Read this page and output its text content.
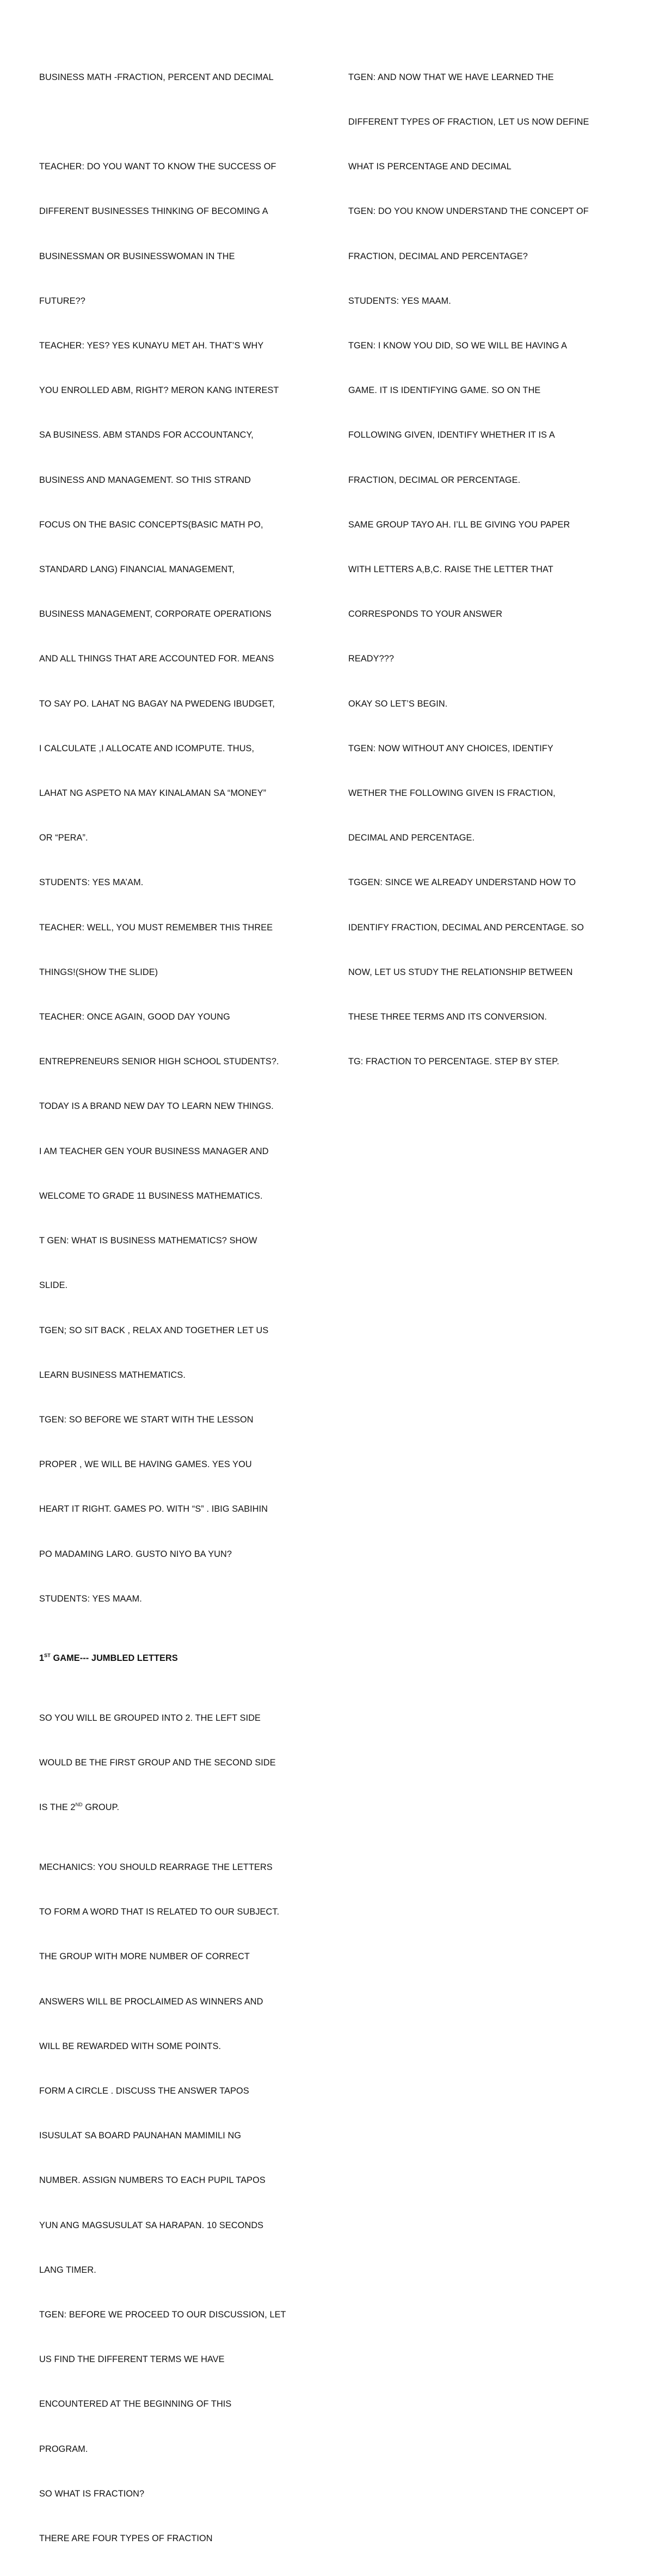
BUSINESS MATH -FRACTION, PERCENT AND DECIMAL

TEACHER: DO YOU WANT TO KNOW THE SUCCESS OF

DIFFERENT BUSINESSES THINKING OF BECOMING A

BUSINESSMAN OR BUSINESSWOMAN IN THE

FUTURE??

TEACHER: YES? YES KUNAYU MET AH. THAT’S WHY

YOU ENROLLED ABM, RIGHT? MERON KANG INTEREST

SA BUSINESS. ABM STANDS FOR ACCOUNTANCY,

BUSINESS AND MANAGEMENT. SO THIS STRAND

FOCUS ON THE BASIC CONCEPTS(BASIC MATH PO,

STANDARD LANG) FINANCIAL MANAGEMENT,

BUSINESS MANAGEMENT, CORPORATE OPERATIONS

AND ALL THINGS THAT ARE ACCOUNTED FOR. MEANS

TO SAY PO. LAHAT NG BAGAY NA PWEDENG IBUDGET,

I CALCULATE ,I ALLOCATE AND ICOMPUTE. THUS,

LAHAT NG ASPETO NA MAY KINALAMAN SA “MONEY”

OR “PERA”.

STUDENTS: YES MA’AM.

TEACHER: WELL, YOU MUST REMEMBER THIS THREE

THINGS!(SHOW THE SLIDE)

TEACHER: ONCE AGAIN, GOOD DAY YOUNG

ENTREPRENEURS SENIOR HIGH SCHOOL STUDENTS?.

TODAY IS A BRAND NEW DAY TO LEARN NEW THINGS.

I AM TEACHER GEN YOUR BUSINESS MANAGER AND

WELCOME TO GRADE 11 BUSINESS MATHEMATICS.

T GEN: WHAT IS BUSINESS MATHEMATICS? SHOW

SLIDE.

TGEN; SO SIT BACK , RELAX AND TOGETHER LET US

LEARN BUSINESS MATHEMATICS.

TGEN: SO BEFORE WE START WITH THE LESSON

PROPER , WE WILL BE HAVING GAMES. YES YOU

HEART IT RIGHT. GAMES PO. WITH “S” . IBIG SABIHIN

PO MADAMING LARO. GUSTO NIYO BA YUN?

STUDENTS: YES MAAM.

1ST GAME--- JUMBLED LETTERS

SO YOU WILL BE GROUPED INTO 2. THE LEFT SIDE

WOULD BE THE FIRST GROUP AND THE SECOND SIDE

IS THE 2ND GROUP.

MECHANICS: YOU SHOULD REARRAGE THE LETTERS

TO FORM A WORD THAT IS RELATED TO OUR SUBJECT.

THE GROUP WITH MORE NUMBER OF CORRECT

ANSWERS WILL BE PROCLAIMED AS WINNERS AND

WILL BE REWARDED WITH SOME POINTS.

FORM A CIRCLE . DISCUSS THE ANSWER TAPOS

ISUSULAT SA BOARD PAUNAHAN MAMIMILI NG

NUMBER. ASSIGN NUMBERS TO EACH PUPIL TAPOS

YUN ANG MAGSUSULAT SA HARAPAN. 10 SECONDS

LANG TIMER.

TGEN: BEFORE WE PROCEED TO OUR DISCUSSION, LET

US FIND THE DIFFERENT TERMS WE HAVE

ENCOUNTERED AT THE BEGINNING OF THIS

PROGRAM.

SO WHAT IS FRACTION?

THERE ARE FOUR TYPES OF FRACTION

TGEN: AND NOW THAT WE HAVE LEARNED THE

DIFFERENT TYPES OF FRACTION, LET US NOW DEFINE

WHAT IS PERCENTAGE AND DECIMAL

TGEN: DO YOU KNOW UNDERSTAND THE CONCEPT OF

FRACTION, DECIMAL AND PERCENTAGE?

STUDENTS: YES MAAM.

TGEN: I KNOW YOU DID, SO WE WILL BE HAVING A

GAME. IT IS IDENTIFYING GAME. SO ON THE

FOLLOWING GIVEN, IDENTIFY WHETHER IT IS A

FRACTION, DECIMAL OR PERCENTAGE.

SAME GROUP TAYO AH. I’LL BE GIVING YOU PAPER

WITH LETTERS A,B,C. RAISE THE LETTER THAT

CORRESPONDS TO YOUR ANSWER

READY???

OKAY SO LET’S BEGIN.

TGEN: NOW WITHOUT ANY CHOICES, IDENTIFY

WETHER THE FOLLOWING GIVEN IS FRACTION,

DECIMAL AND PERCENTAGE.

TGGEN: SINCE WE ALREADY UNDERSTAND HOW TO

IDENTIFY FRACTION, DECIMAL AND PERCENTAGE. SO

NOW, LET US STUDY THE RELATIONSHIP BETWEEN

THESE THREE TERMS AND ITS CONVERSION.

TG: FRACTION TO PERCENTAGE. STEP BY STEP.
